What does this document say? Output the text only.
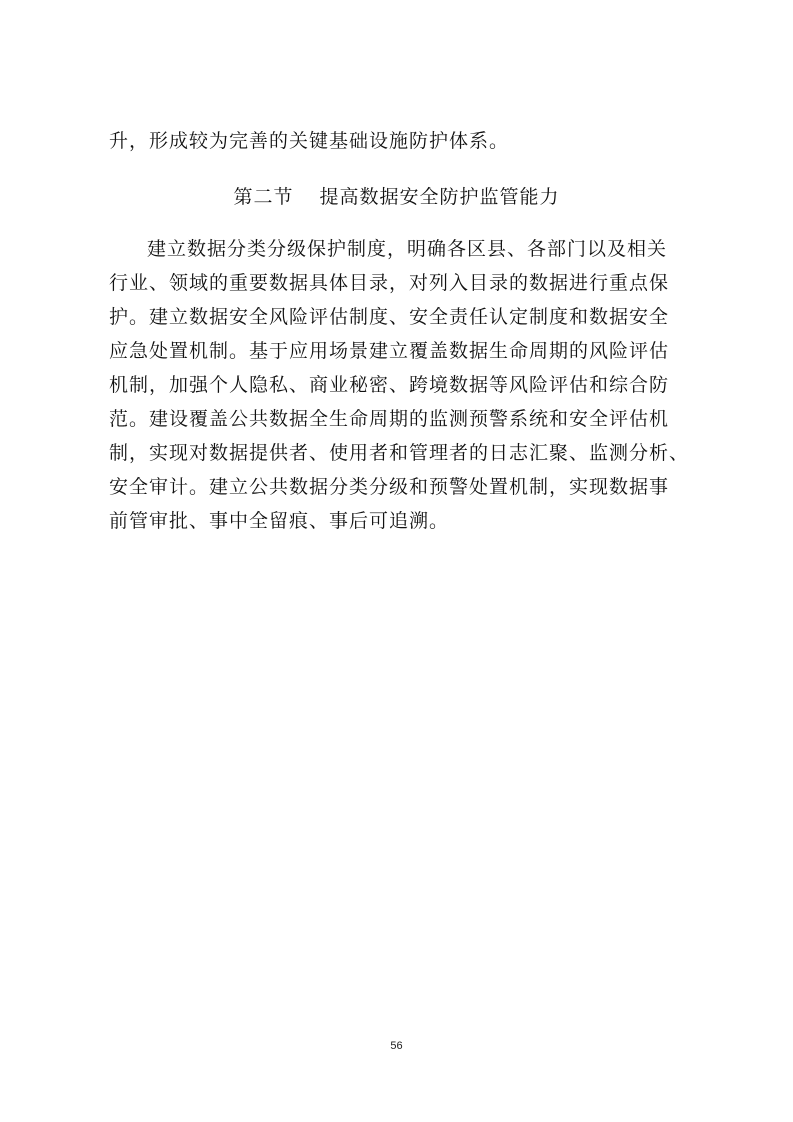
升，形成较为完善的关键基础设施防护体系。
第二节 提高数据安全防护监管能力
建立数据分类分级保护制度，明确各区县、各部门以及相关
行业、领域的重要数据具体目录，对列入目录的数据进行重点保
护。建立数据安全风险评估制度、安全责任认定制度和数据安全
应急处置机制。基于应用场景建立覆盖数据生命周期的风险评估
机制，加强个人隐私、商业秘密、跨境数据等风险评估和综合防
范。建设覆盖公共数据全生命周期的监测预警系统和安全评估机
制，实现对数据提供者、使用者和管理者的日志汇聚、监测分析、
安全审计。建立公共数据分类分级和预警处置机制，实现数据事
前管审批、事中全留痕、事后可追溯。
56
